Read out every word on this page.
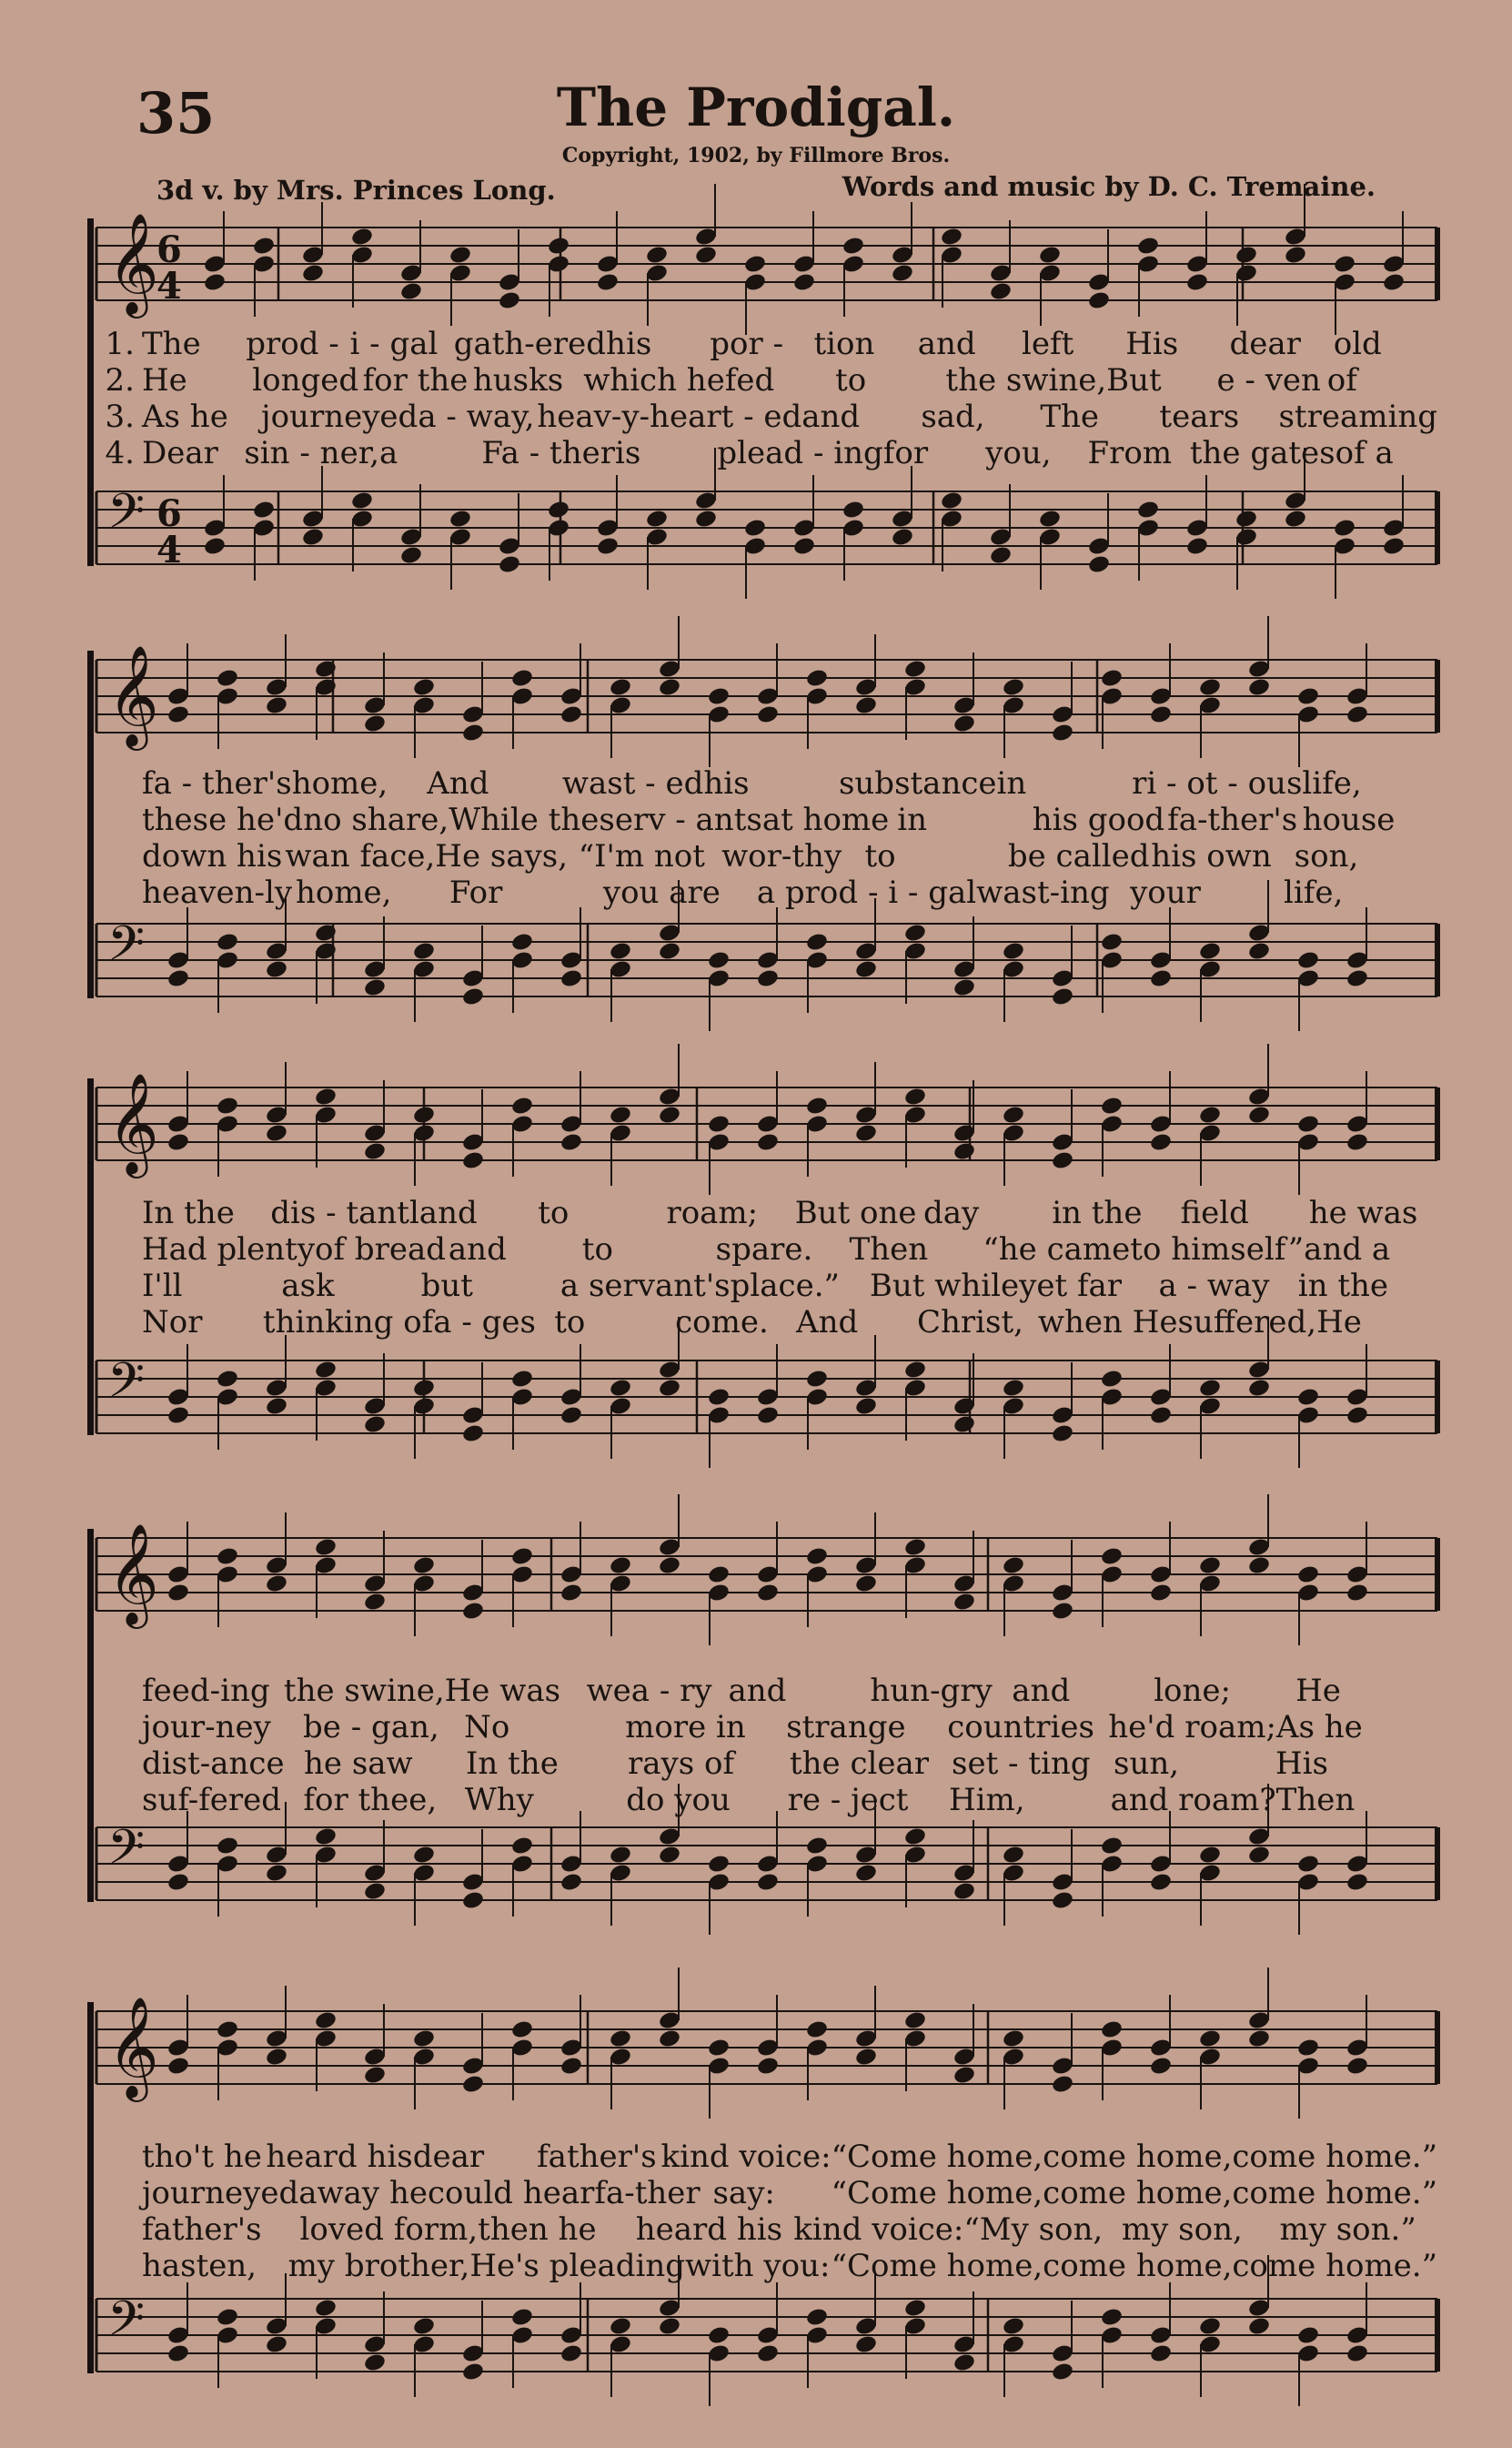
35	The Prodigal.
Copyright, 1902, by Fillmore Bros.
3d v. by Mrs. Princes Long.	Words and music by D. C. Tremaine.
𝄞
6
4
𝄢 6
4
1. The	prod - i - gal gath-ered his	por - tion	and	left	His	dear	old
2. He	longed for the husks which he fed	to	the swine, But	e - ven of
3. As he	journeyed a - way, heav-y-heart - ed and	sad,	The	tears	streaming
4. Dear sin - ner, a	Fa - ther is	plead - ing for	you,	From the gates of a
𝄞
𝄢
fa - ther's home,	And	wast - ed his	substance in	ri - ot - ous life,
these he'd no share, While the serv - ants at home in	his good fa-ther's house
down his wan face, He says, “I'm not wor-thy to	be called his own son,
heaven-ly home,	For	you are	a prod - i - gal wast-ing your	life,
𝄞
𝄢
In the	dis - tant land	to	roam;	But one day	in the	field	he was
Had plenty of bread and	to	spare.	Then	“he came to himself” and a
I'll	ask	but	a servant's place.” But while yet far	a - way in the
Nor	thinking of a - ges to	come. And	Christ, when He suffered, He
𝄞
𝄢
feed-ing the swine, He was wea - ry and	hun-gry and	lone;	He
jour-ney	be - gan, No	more in	strange	countries he'd roam; As he
dist-ance he saw	In the	rays of	the clear set - ting sun,	His
suf-fered for thee, Why	do you	re - ject	Him,	and roam? Then
𝄞
𝄢
tho't he heard his dear	father's kind voice: “Come home, come home, come home.”
journeyed away he could hear fa-ther say:	“Come home, come home, come home.”
father's	loved form, then he	heard his kind voice: “My son, my son,	my son.”
hasten,	my brother, He's pleading with you: “Come home, come home, come home.”
